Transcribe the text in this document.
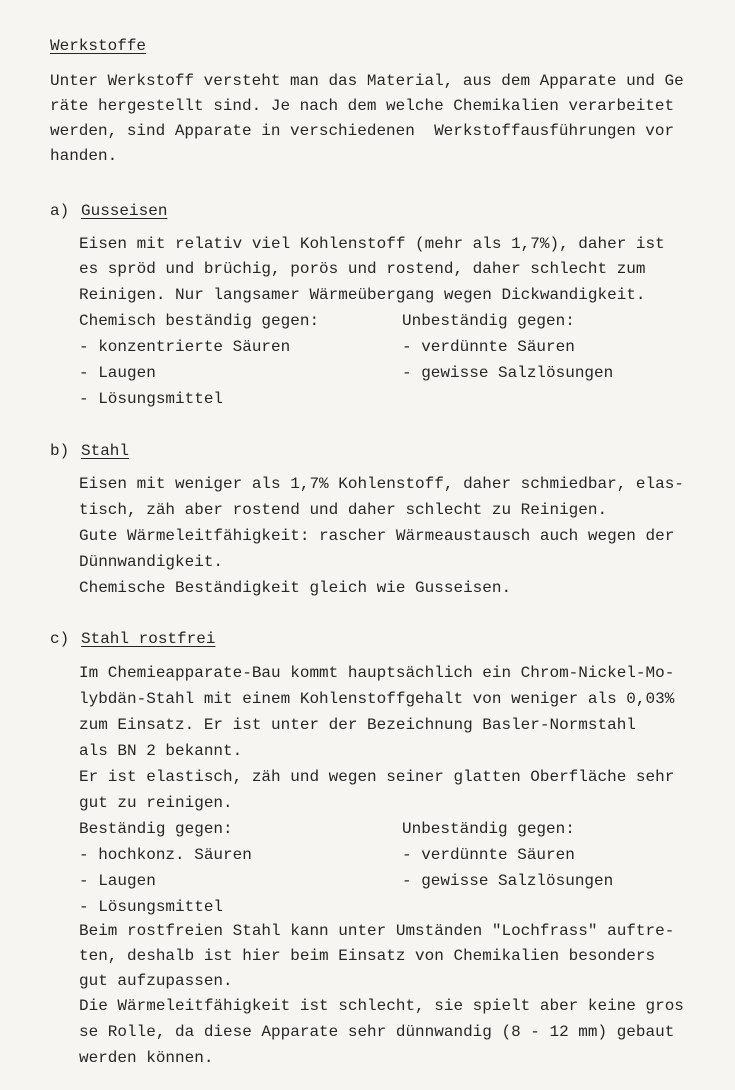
Werkstoffe
Unter Werkstoff versteht man das Material, aus dem Apparate und Ge
räte hergestellt sind. Je nach dem welche Chemikalien verarbeitet
werden, sind Apparate in verschiedenen  Werkstoffausführungen vor
handen.
a) Gusseisen
Eisen mit relativ viel Kohlenstoff (mehr als 1,7%), daher ist
es spröd und brüchig, porös und rostend, daher schlecht zum
Reinigen. Nur langsamer Wärmeübergang wegen Dickwandigkeit.
Chemisch beständig gegen:	Unbeständig gegen:
- konzentrierte Säuren	- verdünnte Säuren
- Laugen	- gewisse Salzlösungen
- Lösungsmittel
b) Stahl
Eisen mit weniger als 1,7% Kohlenstoff, daher schmiedbar, elas-
tisch, zäh aber rostend und daher schlecht zu Reinigen.
Gute Wärmeleitfähigkeit: rascher Wärmeaustausch auch wegen der
Dünnwandigkeit.
Chemische Beständigkeit gleich wie Gusseisen.
c) Stahl rostfrei
Im Chemieapparate-Bau kommt hauptsächlich ein Chrom-Nickel-Mo-
lybdän-Stahl mit einem Kohlenstoffgehalt von weniger als 0,03%
zum Einsatz. Er ist unter der Bezeichnung Basler-Normstahl
als BN 2 bekannt.
Er ist elastisch, zäh und wegen seiner glatten Oberfläche sehr
gut zu reinigen.
Beständig gegen:	Unbeständig gegen:
- hochkonz. Säuren	- verdünnte Säuren
- Laugen	- gewisse Salzlösungen
- Lösungsmittel
Beim rostfreien Stahl kann unter Umständen "Lochfrass" auftre-
ten, deshalb ist hier beim Einsatz von Chemikalien besonders
gut aufzupassen.
Die Wärmeleitfähigkeit ist schlecht, sie spielt aber keine gros
se Rolle, da diese Apparate sehr dünnwandig (8 - 12 mm) gebaut
werden können.
